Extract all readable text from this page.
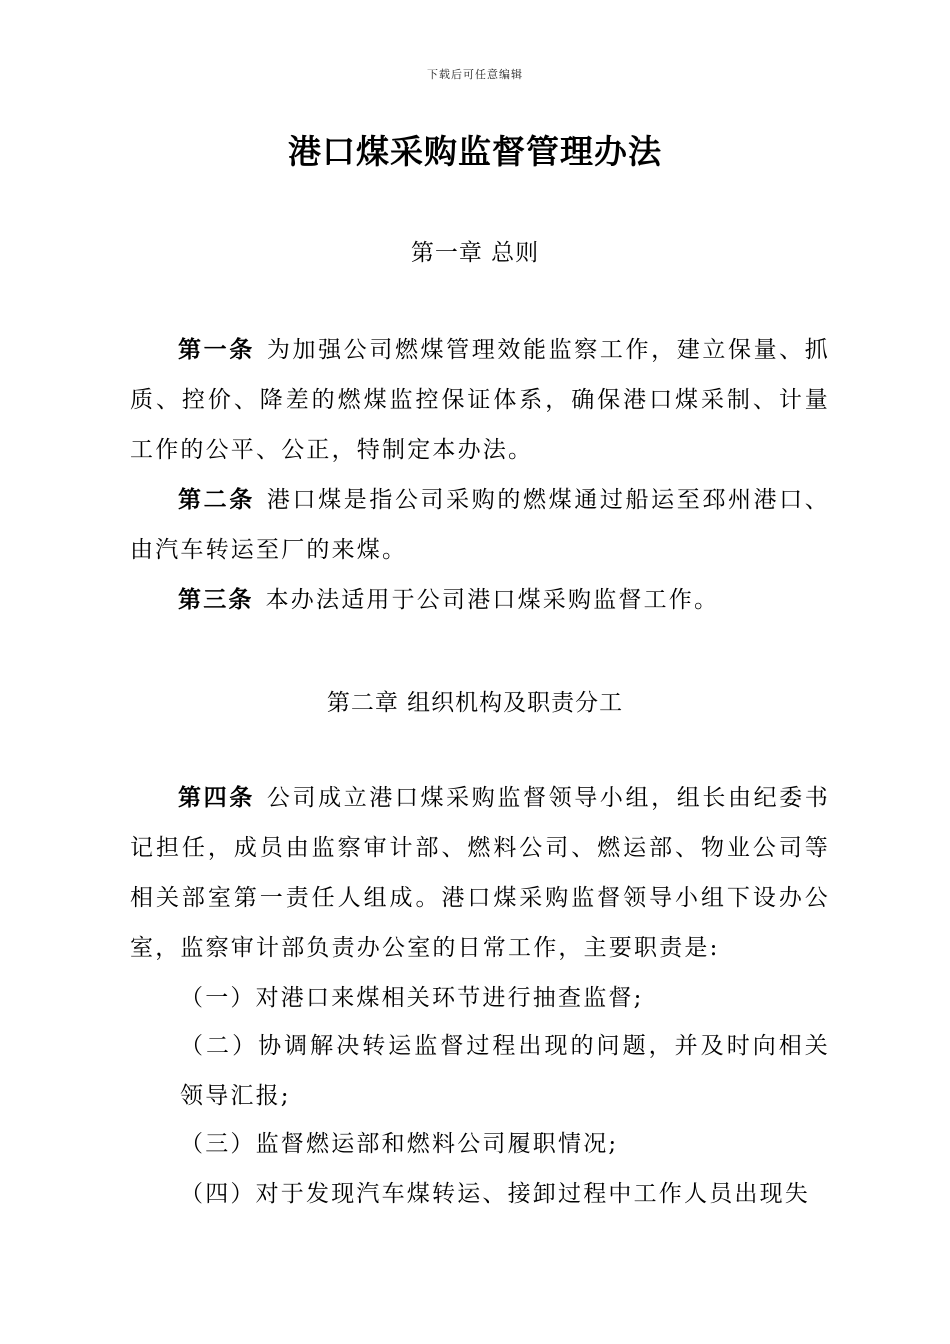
下载后可任意编辑
港口煤采购监督管理办法
第一章 总则

第一条 为加强公司燃煤管理效能监察工作，建立保量、抓质、控价、降差的燃煤监控保证体系，确保港口煤采制、计量工作的公平、公正，特制定本办法。

第二条 港口煤是指公司采购的燃煤通过船运至邳州港口、由汽车转运至厂的来煤。

第三条 本办法适用于公司港口煤采购监督工作。

第二章 组织机构及职责分工

第四条 公司成立港口煤采购监督领导小组，组长由纪委书记担任，成员由监察审计部、燃料公司、燃运部、物业公司等相关部室第一责任人组成。港口煤采购监督领导小组下设办公室，监察审计部负责办公室的日常工作，主要职责是:

（一）对港口来煤相关环节进行抽查监督;

（二）协调解决转运监督过程出现的问题，并及时向相关领导汇报;

（三）监督燃运部和燃料公司履职情况;

（四）对于发现汽车煤转运、接卸过程中工作人员出现失
